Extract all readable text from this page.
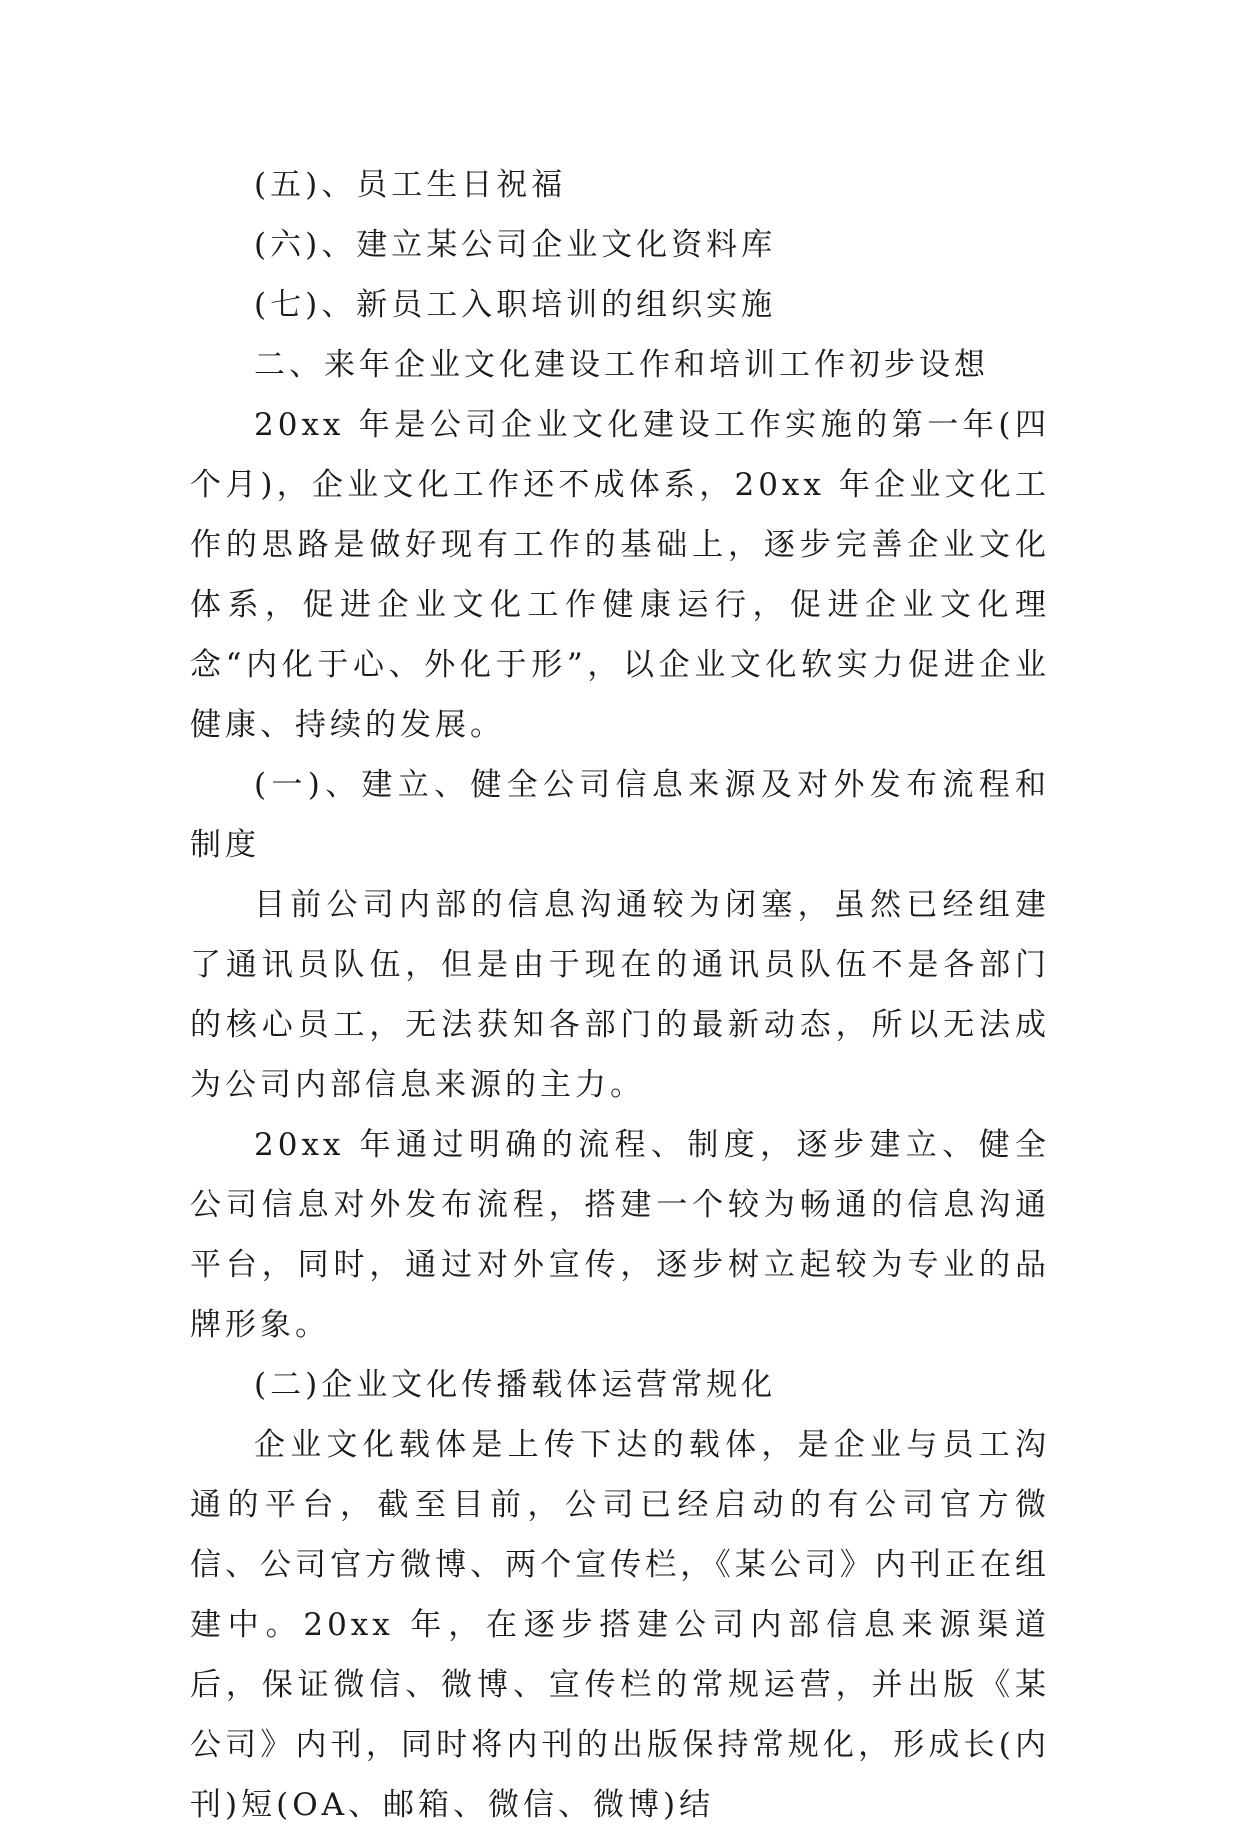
(五)、员工生日祝福

(六)、建立某公司企业文化资料库

(七)、新员工入职培训的组织实施

二、来年企业文化建设工作和培训工作初步设想

20xx 年是公司企业文化建设工作实施的第一年(四个月)，企业文化工作还不成体系，20xx 年企业文化工作的思路是做好现有工作的基础上，逐步完善企业文化体系，促进企业文化工作健康运行，促进企业文化理念“内化于心、外化于形”，以企业文化软实力促进企业健康、持续的发展。

(一)、建立、健全公司信息来源及对外发布流程和制度

目前公司内部的信息沟通较为闭塞，虽然已经组建了通讯员队伍，但是由于现在的通讯员队伍不是各部门的核心员工，无法获知各部门的最新动态，所以无法成为公司内部信息来源的主力。

20xx 年通过明确的流程、制度，逐步建立、健全公司信息对外发布流程，搭建一个较为畅通的信息沟通平台，同时，通过对外宣传，逐步树立起较为专业的品牌形象。

(二)企业文化传播载体运营常规化

企业文化载体是上传下达的载体，是企业与员工沟通的平台，截至目前，公司已经启动的有公司官方微信、公司官方微博、两个宣传栏，《某公司》内刊正在组建中。20xx 年，在逐步搭建公司内部信息来源渠道后，保证微信、微博、宣传栏的常规运营，并出版《某公司》内刊，同时将内刊的出版保持常规化，形成长(内刊)短(OA、邮箱、微信、微博)结
